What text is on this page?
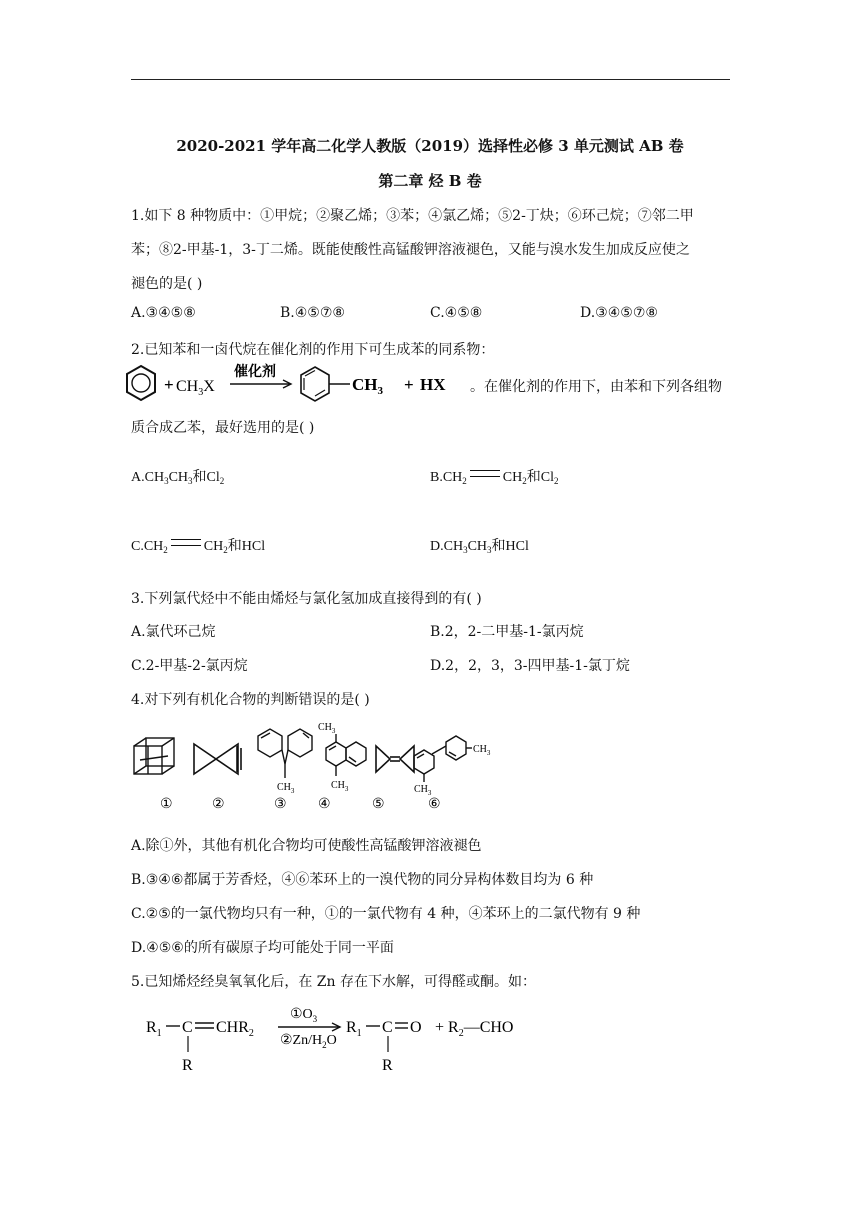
2020-2021 学年高二化学人教版（2019）选择性必修 3 单元测试 AB 卷
第二章 烃 B 卷
1.如下 8 种物质中：①甲烷；②聚乙烯；③苯；④氯乙烯；⑤2-丁炔；⑥环己烷；⑦邻二甲
苯；⑧2-甲基-1，3-丁二烯。既能使酸性高锰酸钾溶液褪色，又能与溴水发生加成反应使之
褪色的是( )
A.③④⑤⑧	B.④⑤⑦⑧	C.④⑤⑧	D.③④⑤⑦⑧
2.已知苯和一卤代烷在催化剂的作用下可生成苯的同系物：
+ $CH_3X$
催化剂
$CH_3$ + HX 。在催化剂的作用下，由苯和下列各组物
质合成乙苯，最好选用的是( )
$A.CH_3CH_3$和$Cl_2$	$B.CH_2$	$CH_2$和$Cl_2$
$C.CH_2$	$CH_2$和HCl	$D.CH_3CH_3$和HCl
3.下列氯代烃中不能由烯烃与氯化氢加成直接得到的有( )
A.氯代环己烷	B.2，2-二甲基-1-氯丙烷
C.2-甲基-2-氯丙烷	D.2，2，3，3-四甲基-1-氯丁烷
4.对下列有机化合物的判断错误的是( )
$CH_3$
$CH_3$
$CH_3$
$CH_3$
$CH_3$
①	②	③ ④	⑤	⑥
A.除①外，其他有机化合物均可使酸性高锰酸钾溶液褪色
B.③④⑥都属于芳香烃，④⑥苯环上的一溴代物的同分异构体数目均为 6 种
C.②⑤的一氯代物均只有一种，①的一氯代物有 4 种，④苯环上的二氯代物有 9 种
D.④⑤⑥的所有碳原子均可能处于同一平面
5.已知烯烃经臭氧氧化后，在 Zn 存在下水解，可得醛或酮。如：
$R_1$ C $CHR_2$
R
$①O_3$
②Zn/$H_2O$
$R_1$ C O
R
+ $R_2—CHO$
